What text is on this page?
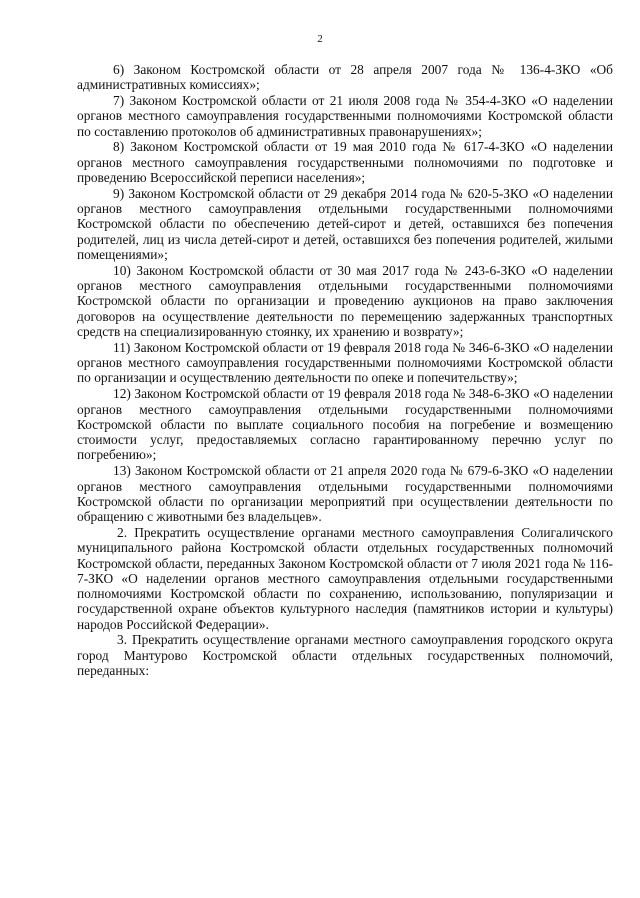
2

6) Законом Костромской области от 28 апреля 2007 года № 136-4-ЗКО «Об административных комиссиях»;

7) Законом Костромской области от 21 июля 2008 года № 354-4-ЗКО «О наделении органов местного самоуправления государственными полномочиями Костромской области по составлению протоколов об административных правонарушениях»;

8) Законом Костромской области от 19 мая 2010 года № 617-4-ЗКО «О наделении органов местного самоуправления государственными полномочиями по подготовке и проведению Всероссийской переписи населения»;

9) Законом Костромской области от 29 декабря 2014 года № 620-5-ЗКО «О наделении органов местного самоуправления отдельными государственными полномочиями Костромской области по обеспечению детей-сирот и детей, оставшихся без попечения родителей, лиц из числа детей-сирот и детей, оставшихся без попечения родителей, жилыми помещениями»;

10) Законом Костромской области от 30 мая 2017 года № 243-6-ЗКО «О наделении органов местного самоуправления отдельными государственными полномочиями Костромской области по организации и проведению аукционов на право заключения договоров на осуществление деятельности по перемещению задержанных транспортных средств на специализированную стоянку, их хранению и возврату»;

11) Законом Костромской области от 19 февраля 2018 года № 346-6-ЗКО «О наделении органов местного самоуправления государственными полномочиями Костромской области по организации и осуществлению деятельности по опеке и попечительству»;

12) Законом Костромской области от 19 февраля 2018 года № 348-6-ЗКО «О наделении органов местного самоуправления отдельными государственными полномочиями Костромской области по выплате социального пособия на погребение и возмещению стоимости услуг, предоставляемых согласно гарантированному перечню услуг по погребению»;

13) Законом Костромской области от 21 апреля 2020 года № 679-6-ЗКО «О наделении органов местного самоуправления отдельными государственными полномочиями Костромской области по организации мероприятий при осуществлении деятельности по обращению с животными без владельцев».

2. Прекратить осуществление органами местного самоуправления Солигаличского муниципального района Костромской области отдельных государственных полномочий Костромской области, переданных Законом Костромской области от 7 июля 2021 года № 116-7-ЗКО «О наделении органов местного самоуправления отдельными государственными полномочиями Костромской области по сохранению, использованию, популяризации и государственной охране объектов культурного наследия (памятников истории и культуры) народов Российской Федерации».

3. Прекратить осуществление органами местного самоуправления городского округа город Мантурово Костромской области отдельных государственных полномочий, переданных:
